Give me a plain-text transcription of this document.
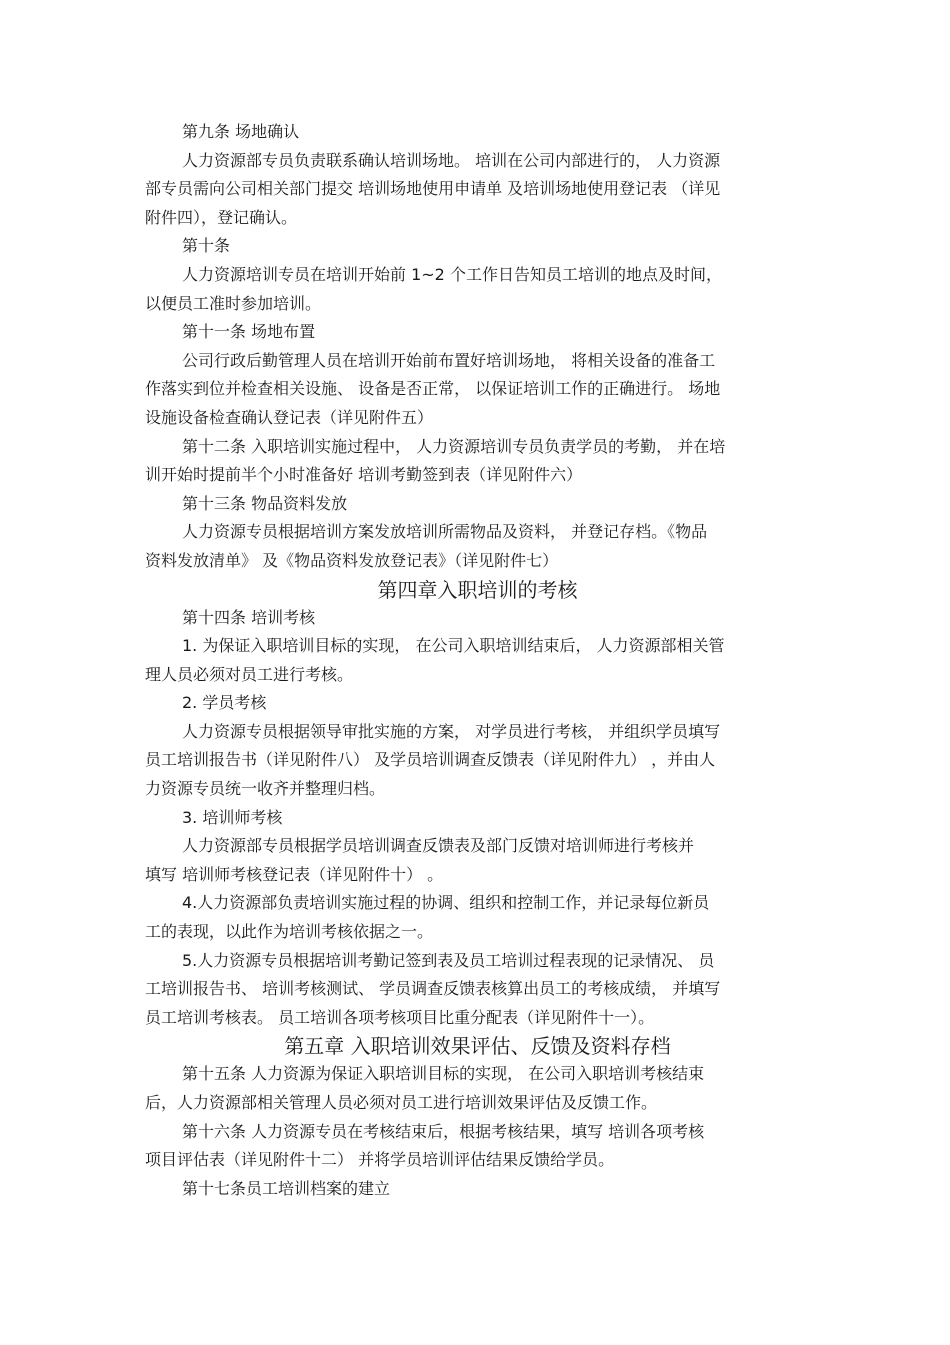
第九条 场地确认
人力资源部专员负责联系确认培训场地。 培训在公司内部进行的， 人力资源
部专员需向公司相关部门提交 培训场地使用申请单 及培训场地使用登记表 （详见
附件四），登记确认。
第十条
人力资源培训专员在培训开始前 1~2 个工作日告知员工培训的地点及时间，
以便员工准时参加培训。
第十一条 场地布置
公司行政后勤管理人员在培训开始前布置好培训场地， 将相关设备的准备工
作落实到位并检查相关设施、 设备是否正常， 以保证培训工作的正确进行。 场地
设施设备检查确认登记表（详见附件五）
第十二条 入职培训实施过程中， 人力资源培训专员负责学员的考勤， 并在培
训开始时提前半个小时准备好 培训考勤签到表（详见附件六）
第十三条 物品资料发放
人力资源专员根据培训方案发放培训所需物品及资料， 并登记存档。《物品
资料发放清单》 及《物品资料发放登记表》（详见附件七）
第四章入职培训的考核
第十四条 培训考核
1. 为保证入职培训目标的实现， 在公司入职培训结束后， 人力资源部相关管
理人员必须对员工进行考核。
2. 学员考核
人力资源专员根据领导审批实施的方案， 对学员进行考核， 并组织学员填写
员工培训报告书（详见附件八） 及学员培训调查反馈表（详见附件九） ，并由人
力资源专员统一收齐并整理归档。
3. 培训师考核
人力资源部专员根据学员培训调查反馈表及部门反馈对培训师进行考核并
填写 培训师考核登记表（详见附件十） 。
4.人力资源部负责培训实施过程的协调、组织和控制工作，并记录每位新员
工的表现，以此作为培训考核依据之一。
5.人力资源专员根据培训考勤记签到表及员工培训过程表现的记录情况、 员
工培训报告书、 培训考核测试、 学员调查反馈表核算出员工的考核成绩， 并填写
员工培训考核表。 员工培训各项考核项目比重分配表（详见附件十一）。
第五章 入职培训效果评估、反馈及资料存档
第十五条 人力资源为保证入职培训目标的实现， 在公司入职培训考核结束
后，人力资源部相关管理人员必须对员工进行培训效果评估及反馈工作。
第十六条 人力资源专员在考核结束后，根据考核结果，填写 培训各项考核
项目评估表（详见附件十二） 并将学员培训评估结果反馈给学员。
第十七条员工培训档案的建立
